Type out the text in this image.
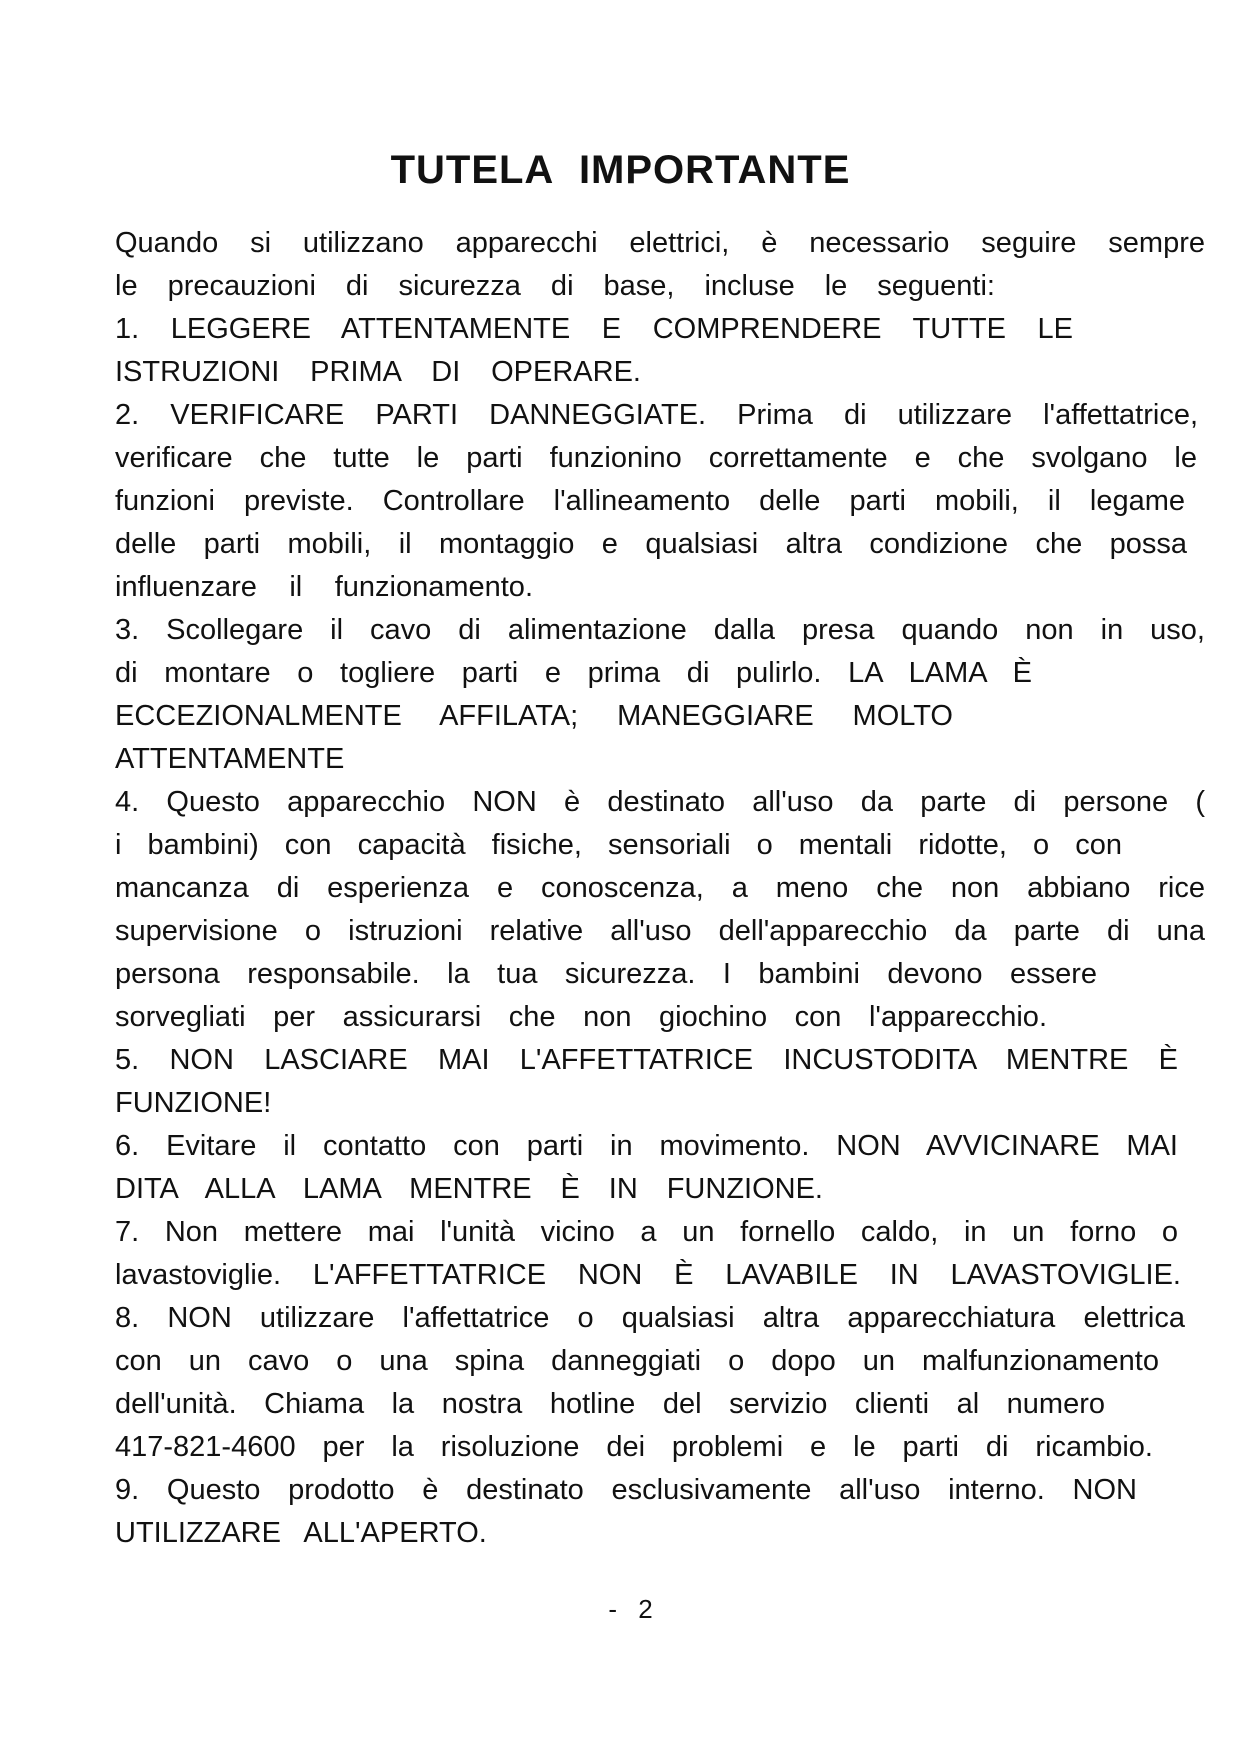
TUTELA IMPORTANTE
Quando si utilizzano apparecchi elettrici, è necessario seguire sempre
le precauzioni di sicurezza di base, incluse le seguenti:
1. LEGGERE ATTENTAMENTE E COMPRENDERE TUTTE LE
ISTRUZIONI PRIMA DI OPERARE.
2. VERIFICARE PARTI DANNEGGIATE. Prima di utilizzare l'affettatrice,
verificare che tutte le parti funzionino correttamente e che svolgano le
funzioni previste. Controllare l'allineamento delle parti mobili, il legame
delle parti mobili, il montaggio e qualsiasi altra condizione che possa
influenzare il funzionamento.
3. Scollegare il cavo di alimentazione dalla presa quando non in uso,
di montare o togliere parti e prima di pulirlo. LA LAMA È
ECCEZIONALMENTE AFFILATA; MANEGGIARE MOLTO
ATTENTAMENTE
4. Questo apparecchio NON è destinato all'uso da parte di persone (
i bambini) con capacità fisiche, sensoriali o mentali ridotte, o con
mancanza di esperienza e conoscenza, a meno che non abbiano rice
supervisione o istruzioni relative all'uso dell'apparecchio da parte di una
persona responsabile. la tua sicurezza. I bambini devono essere
sorvegliati per assicurarsi che non giochino con l'apparecchio.
5. NON LASCIARE MAI L'AFFETTATRICE INCUSTODITA MENTRE È
FUNZIONE!
6. Evitare il contatto con parti in movimento. NON AVVICINARE MAI
DITA ALLA LAMA MENTRE È IN FUNZIONE.
7. Non mettere mai l'unità vicino a un fornello caldo, in un forno o
lavastoviglie. L'AFFETTATRICE NON È LAVABILE IN LAVASTOVIGLIE.
8. NON utilizzare l'affettatrice o qualsiasi altra apparecchiatura elettrica
con un cavo o una spina danneggiati o dopo un malfunzionamento
dell'unità. Chiama la nostra hotline del servizio clienti al numero
417-821-4600 per la risoluzione dei problemi e le parti di ricambio.
9. Questo prodotto è destinato esclusivamente all'uso interno. NON
UTILIZZARE ALL'APERTO.
- 2
